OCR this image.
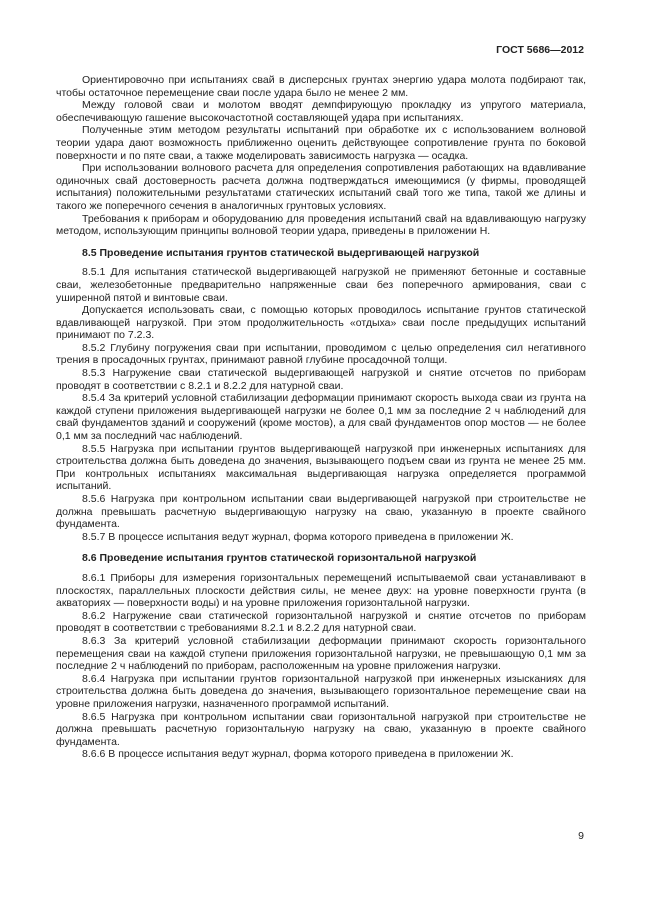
ГОСТ 5686—2012

Ориентировочно при испытаниях свай в дисперсных грунтах энергию удара молота подбирают так, чтобы остаточное перемещение сваи после удара было не менее 2 мм.

Между головой сваи и молотом вводят демпфирующую прокладку из упругого материала, обеспечивающую гашение высокочастотной составляющей удара при испытаниях.

Полученные этим методом результаты испытаний при обработке их с использованием волновой теории удара дают возможность приближенно оценить действующее сопротивление грунта по боковой поверхности и по пяте сваи, а также моделировать зависимость нагрузка — осадка.

При использовании волнового расчета для определения сопротивления работающих на вдавливание одиночных свай достоверность расчета должна подтверждаться имеющимися (у фирмы, проводящей испытания) положительными результатами статических испытаний свай того же типа, такой же длины и такого же поперечного сечения в аналогичных грунтовых условиях.

Требования к приборам и оборудованию для проведения испытаний свай на вдавливающую нагрузку методом, использующим принципы волновой теории удара, приведены в приложении Н.

8.5 Проведение испытания грунтов статической выдергивающей нагрузкой

8.5.1 Для испытания статической выдергивающей нагрузкой не применяют бетонные и составные сваи, железобетонные предварительно напряженные сваи без поперечного армирования, сваи с уширенной пятой и винтовые сваи.

Допускается использовать сваи, с помощью которых проводилось испытание грунтов статической вдавливающей нагрузкой. При этом продолжительность «отдыха» сваи после предыдущих испытаний принимают по 7.2.3.

8.5.2 Глубину погружения сваи при испытании, проводимом с целью определения сил негативного трения в просадочных грунтах, принимают равной глубине просадочной толщи.

8.5.3 Нагружение сваи статической выдергивающей нагрузкой и снятие отсчетов по приборам проводят в соответствии с 8.2.1 и 8.2.2 для натурной сваи.

8.5.4 За критерий условной стабилизации деформации принимают скорость выхода сваи из грунта на каждой ступени приложения выдергивающей нагрузки не более 0,1 мм за последние 2 ч наблюдений для свай фундаментов зданий и сооружений (кроме мостов), а для свай фундаментов опор мостов — не более 0,1 мм за последний час наблюдений.

8.5.5 Нагрузка при испытании грунтов выдергивающей нагрузкой при инженерных испытаниях для строительства должна быть доведена до значения, вызывающего подъем сваи из грунта не менее 25 мм. При контрольных испытаниях максимальная выдергивающая нагрузка определяется программой испытаний.

8.5.6 Нагрузка при контрольном испытании сваи выдергивающей нагрузкой при строительстве не должна превышать расчетную выдергивающую нагрузку на сваю, указанную в проекте свайного фундамента.

8.5.7 В процессе испытания ведут журнал, форма которого приведена в приложении Ж.

8.6 Проведение испытания грунтов статической горизонтальной нагрузкой

8.6.1 Приборы для измерения горизонтальных перемещений испытываемой сваи устанавливают в плоскостях, параллельных плоскости действия силы, не менее двух: на уровне поверхности грунта (в акваториях — поверхности воды) и на уровне приложения горизонтальной нагрузки.

8.6.2 Нагружение сваи статической горизонтальной нагрузкой и снятие отсчетов по приборам проводят в соответствии с требованиями 8.2.1 и 8.2.2 для натурной сваи.

8.6.3 За критерий условной стабилизации деформации принимают скорость горизонтального перемещения сваи на каждой ступени приложения горизонтальной нагрузки, не превышающую 0,1 мм за последние 2 ч наблюдений по приборам, расположенным на уровне приложения нагрузки.

8.6.4 Нагрузка при испытании грунтов горизонтальной нагрузкой при инженерных изысканиях для строительства должна быть доведена до значения, вызывающего горизонтальное перемещение сваи на уровне приложения нагрузки, назначенного программой испытаний.

8.6.5 Нагрузка при контрольном испытании сваи горизонтальной нагрузкой при строительстве не должна превышать расчетную горизонтальную нагрузку на сваю, указанную в проекте свайного фундамента.

8.6.6 В процессе испытания ведут журнал, форма которого приведена в приложении Ж.

9
